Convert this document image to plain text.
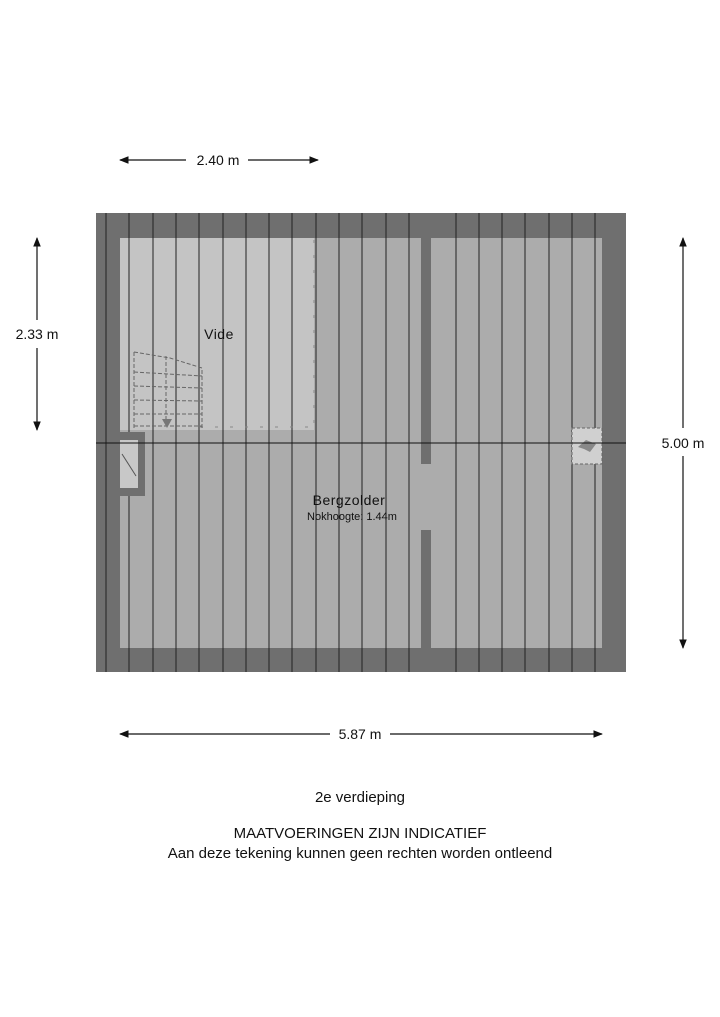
2.40 m
2.33 m
5.00 m
5.87 m
Vide
Bergzolder
Nokhoogte: 1.44m
2e verdieping
MAATVOERINGEN ZIJN INDICATIEF
Aan deze tekening kunnen geen rechten worden ontleend
